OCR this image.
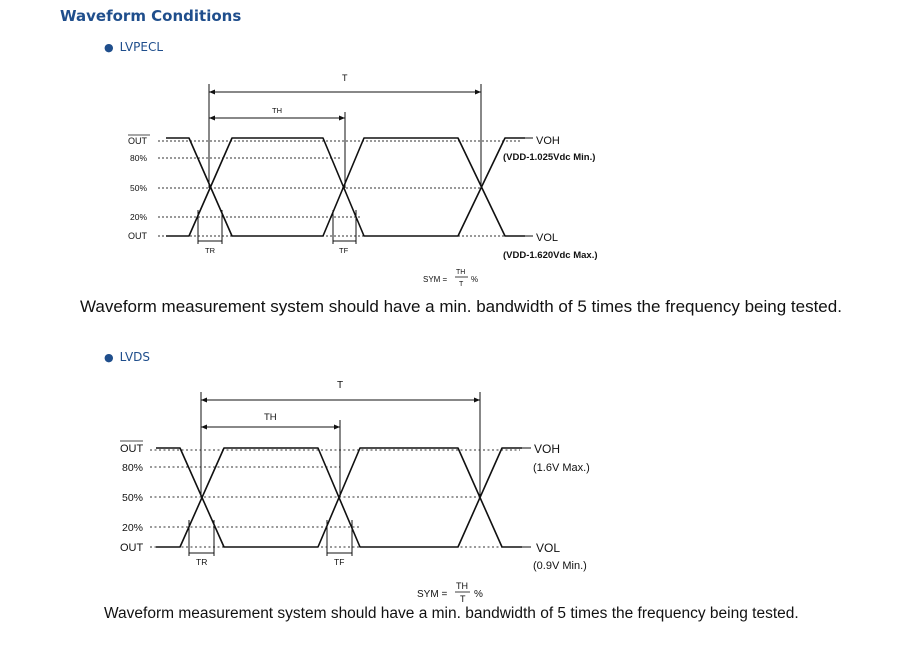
Waveform Conditions
● LVPECL
OUT
80%
50%
20%
OUT
T
TH
TR	TF
VOH
(VDD-1.025Vdc Min.)
VOL
(VDD-1.620Vdc Max.)
SYM =
TH
T
%
Waveform measurement system should have a min. bandwidth of 5 times the frequency being tested.
● LVDS
OUT
80%
50%
20%
OUT
T
TH
TR	TF
VOH
(1.6V Max.)
VOL
(0.9V Min.)
SYM =
TH
T %
Waveform measurement system should have a min. bandwidth of 5 times the frequency being tested.
